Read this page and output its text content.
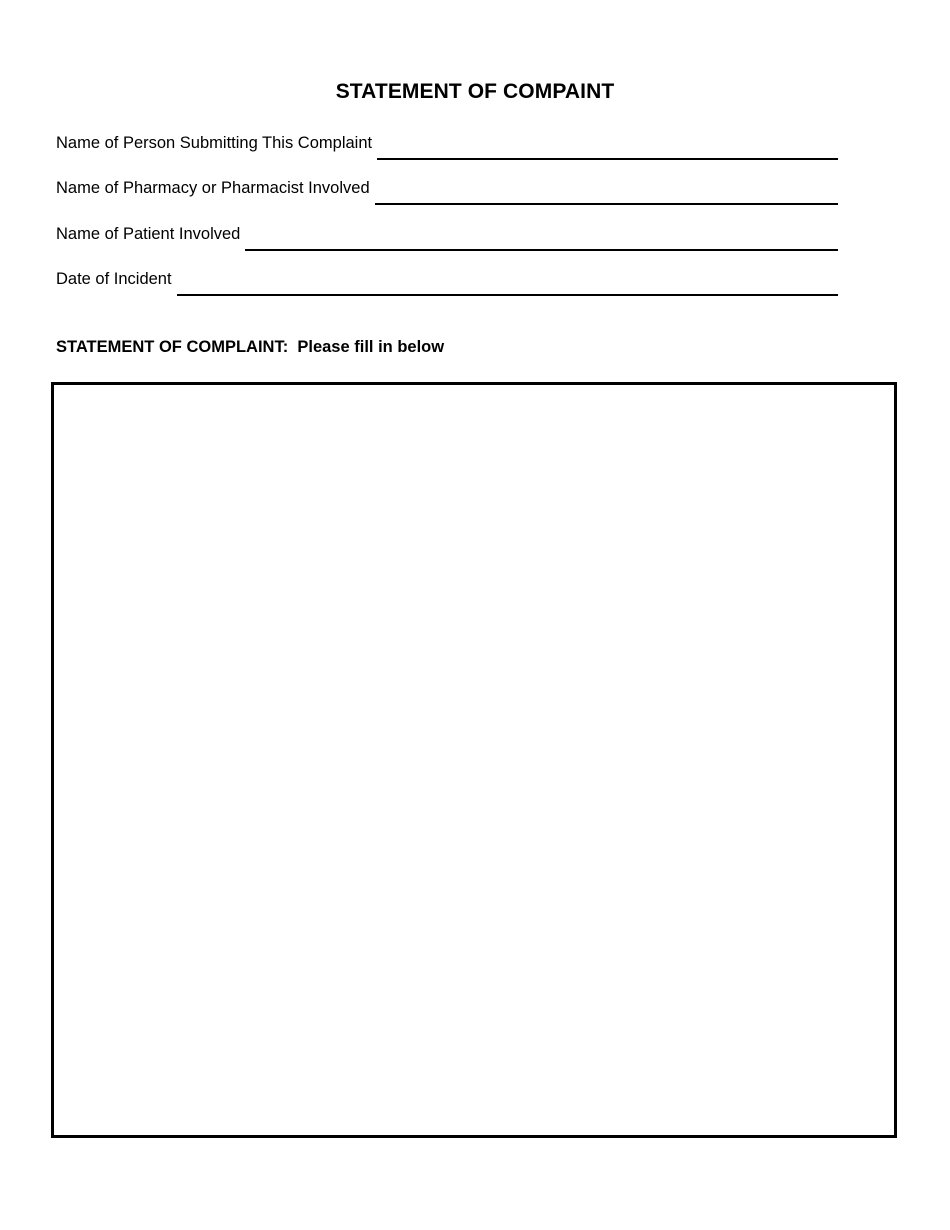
STATEMENT OF COMPAINT
Name of Person Submitting This Complaint
Name of Pharmacy or Pharmacist Involved
Name of Patient Involved
Date of Incident
STATEMENT OF COMPLAINT:  Please fill in below
